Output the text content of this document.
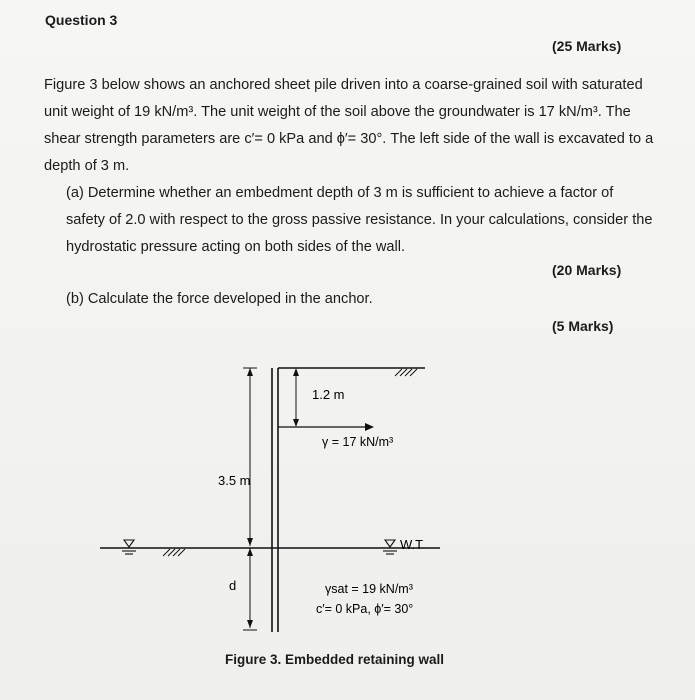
Question 3
(25 Marks)
Figure 3 below shows an anchored sheet pile driven into a coarse-grained soil with saturated unit weight of 19 kN/m³. The unit weight of the soil above the groundwater is 17 kN/m³. The shear strength parameters are c′= 0 kPa and ϕ′= 30°. The left side of the wall is excavated to a depth of 3 m.
(a) Determine whether an embedment depth of 3 m is sufficient to achieve a factor of safety of 2.0 with respect to the gross passive resistance. In your calculations, consider the hydrostatic pressure acting on both sides of the wall.
(20 Marks)
(b) Calculate the force developed in the anchor.
(5 Marks)
1.2 m
γ = 17 kN/m³
3.5 m
W.T
d	γsat = 19 kN/m³
c′= 0 kPa, ϕ′= 30°
Figure 3. Embedded retaining wall
